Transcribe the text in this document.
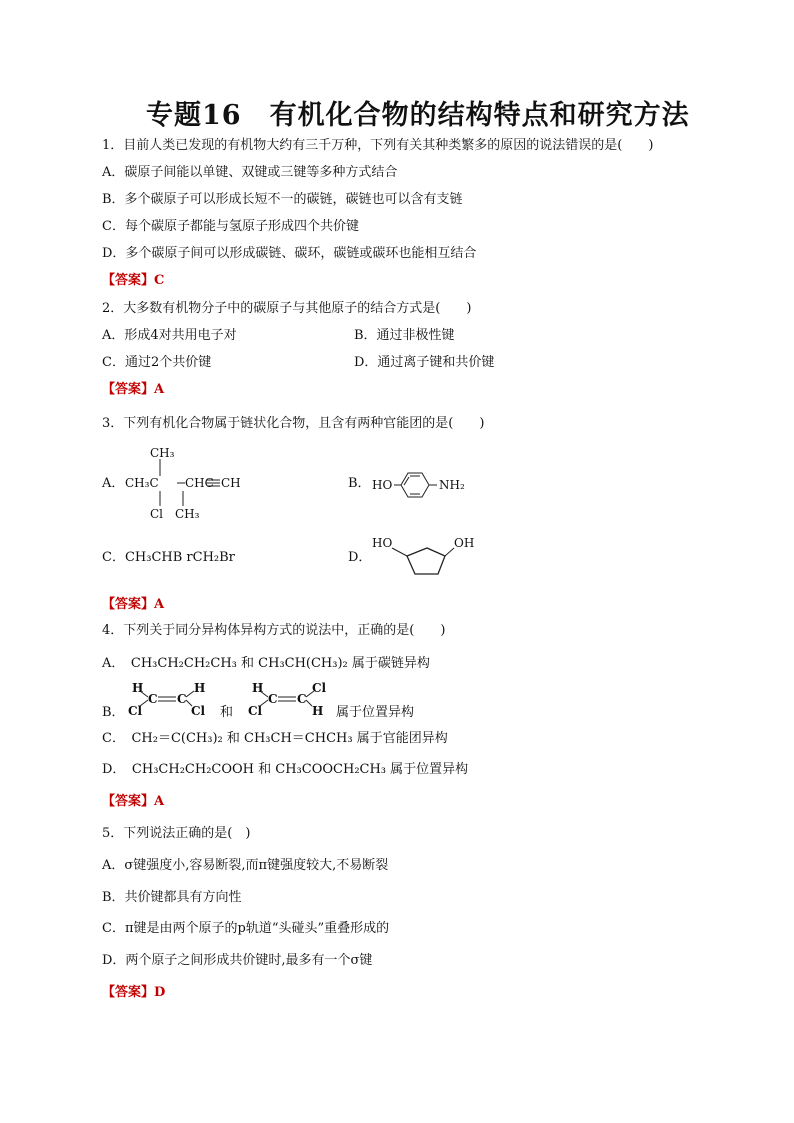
专题16　有机化合物的结构特点和研究方法
1．目前人类已发现的有机物大约有三千万种，下列有关其种类繁多的原因的说法错误的是(　　)
A．碳原子间能以单键、双键或三键等多种方式结合
B．多个碳原子可以形成长短不一的碳链，碳链也可以含有支链
C．每个碳原子都能与氢原子形成四个共价键
D．多个碳原子间可以形成碳链、碳环，碳链或碳环也能相互结合
【答案】C
2．大多数有机物分子中的碳原子与其他原子的结合方式是(　　)
A．形成4对共用电子对	B．通过非极性键
C．通过2个共价键	D．通过离子键和共价键
【答案】A
3．下列有机化合物属于链状化合物，且含有两种官能团的是(　　)
A．
CH₃
CH₃C CHC CH
Cl CH₃
B． HO	NH₂
C．CH₃CHB rCH₂Br	D．
HO	OH
【答案】A
4．下列关于同分异构体异构方式的说法中，正确的是(　　)
A．　CH₃CH₂CH₂CH₃ 和 CH₃CH(CH₃)₂ 属于碳链异构
B．
H
C
Cl
C
H
Cl 和
H
C
Cl
C
Cl
H 属于位置异构
C．　CH₂＝C(CH₃)₂ 和 CH₃CH＝CHCH₃ 属于官能团异构
D．　CH₃CH₂CH₂COOH 和 CH₃COOCH₂CH₃ 属于位置异构
【答案】A
5．下列说法正确的是(　)
A．σ键强度小,容易断裂,而π键强度较大,不易断裂
B．共价键都具有方向性
C．π键是由两个原子的p轨道“头碰头”重叠形成的
D．两个原子之间形成共价键时,最多有一个σ键
【答案】D
